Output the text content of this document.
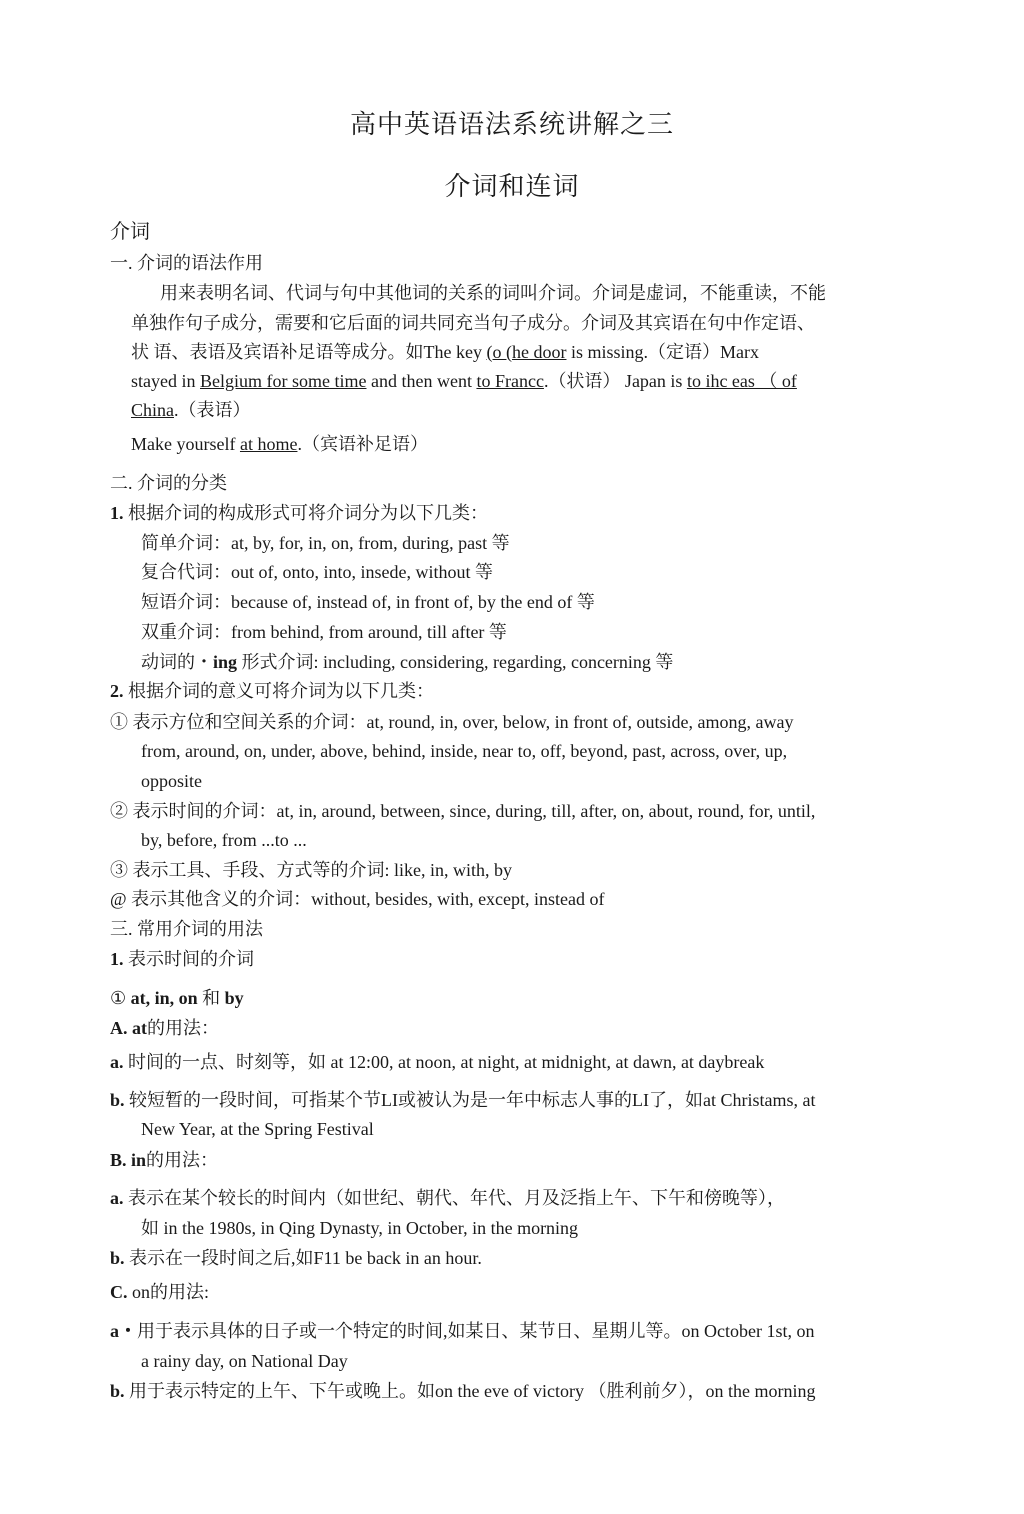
高中英语语法系统讲解之三
介词和连词
介词
一. 介词的语法作用
用来表明名词、代词与句中其他词的关系的词叫介词。介词是虚词，不能重读，不能
单独作句子成分，需要和它后面的词共同充当句子成分。介词及其宾语在句中作定语、
状 语、表语及宾语补足语等成分。如The key (o (he door is missing.（定语）Marx
stayed in Belgium for some time and then went to Francc.（状语） Japan is to ihc eas （ of
China.（表语）
Make yourself at home.（宾语补足语）
二. 介词的分类
1. 根据介词的构成形式可将介词分为以下几类：
简单介词：at, by, for, in, on, from, during, past 等
复合代词：out of, onto, into, insede, without 等
短语介词：because of, instead of, in front of, by the end of 等
双重介词：from behind, from around, till after 等
动词的・ing 形式介词: including, considering, regarding, concerning 等
2. 根据介词的意义可将介词为以下几类：
① 表示方位和空间关系的介词：at, round, in, over, below, in front of, outside, among, away
from, around, on, under, above, behind, inside, near to, off, beyond, past, across, over, up,
opposite
② 表示时间的介词：at, in, around, between, since, during, till, after, on, about, round, for, until,
by, before, from ...to ...
③ 表示工具、手段、方式等的介词: like, in, with, by
@ 表示其他含义的介词：without, besides, with, except, instead of
三. 常用介词的用法
1. 表示时间的介词
① at, in, on 和 by
A. at的用法：
a. 时间的一点、时刻等，如 at 12:00, at noon, at night, at midnight, at dawn, at daybreak
b. 较短暂的一段时间，可指某个节LI或被认为是一年中标志人事的LI了，如at Christams, at
New Year, at the Spring Festival
B. in的用法：
a. 表示在某个较长的时间内（如世纪、朝代、年代、月及泛指上午、下午和傍晚等），
如 in the 1980s, in Qing Dynasty, in October, in the morning
b. 表示在一段时间之后,如F11 be back in an hour.
C. on的用法:
a・用于表示具体的日子或一个特定的时间,如某日、某节日、星期儿等。on October 1st, on
a rainy day, on National Day
b. 用于表示特定的上午、下午或晚上。如on the eve of victory （胜利前夕），on the morning
